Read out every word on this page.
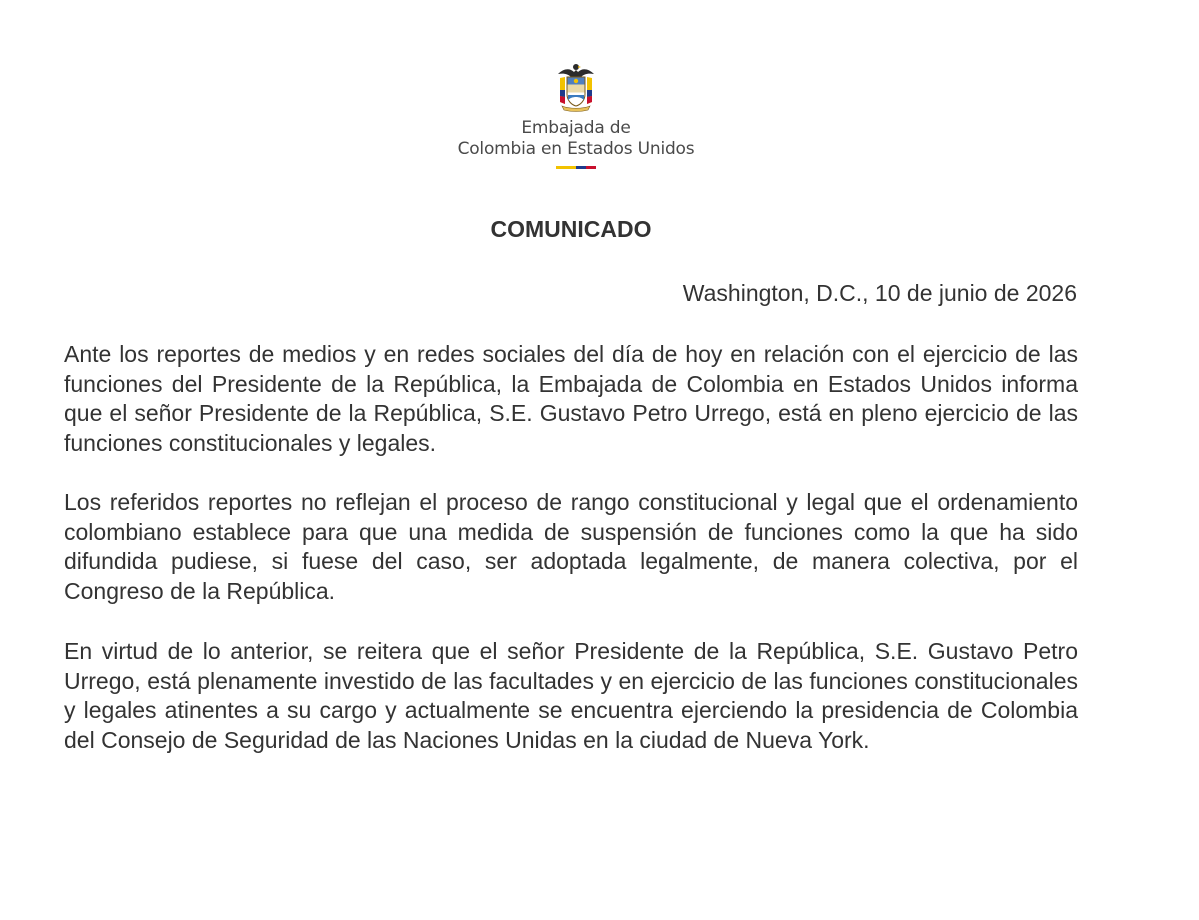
Embajada de
Colombia en Estados Unidos
COMUNICADO
Washington, D.C., 10 de junio de 2026

Ante los reportes de medios y en redes sociales del día de hoy en relación con el ejercicio de las funciones del Presidente de la República, la Embajada de Colombia en Estados Unidos informa que el señor Presidente de la República, S.E. Gustavo Petro Urrego, está en pleno ejercicio de las funciones constitucionales y legales.

Los referidos reportes no reflejan el proceso de rango constitucional y legal que el ordenamiento colombiano establece para que una medida de suspensión de funciones como la que ha sido difundida pudiese, si fuese del caso, ser adoptada legalmente, de manera colectiva, por el Congreso de la República.

En virtud de lo anterior, se reitera que el señor Presidente de la República, S.E. Gustavo Petro Urrego, está plenamente investido de las facultades y en ejercicio de las funciones constitucionales y legales atinentes a su cargo y actualmente se encuentra ejerciendo la presidencia de Colombia del Consejo de Seguridad de las Naciones Unidas en la ciudad de Nueva York.
